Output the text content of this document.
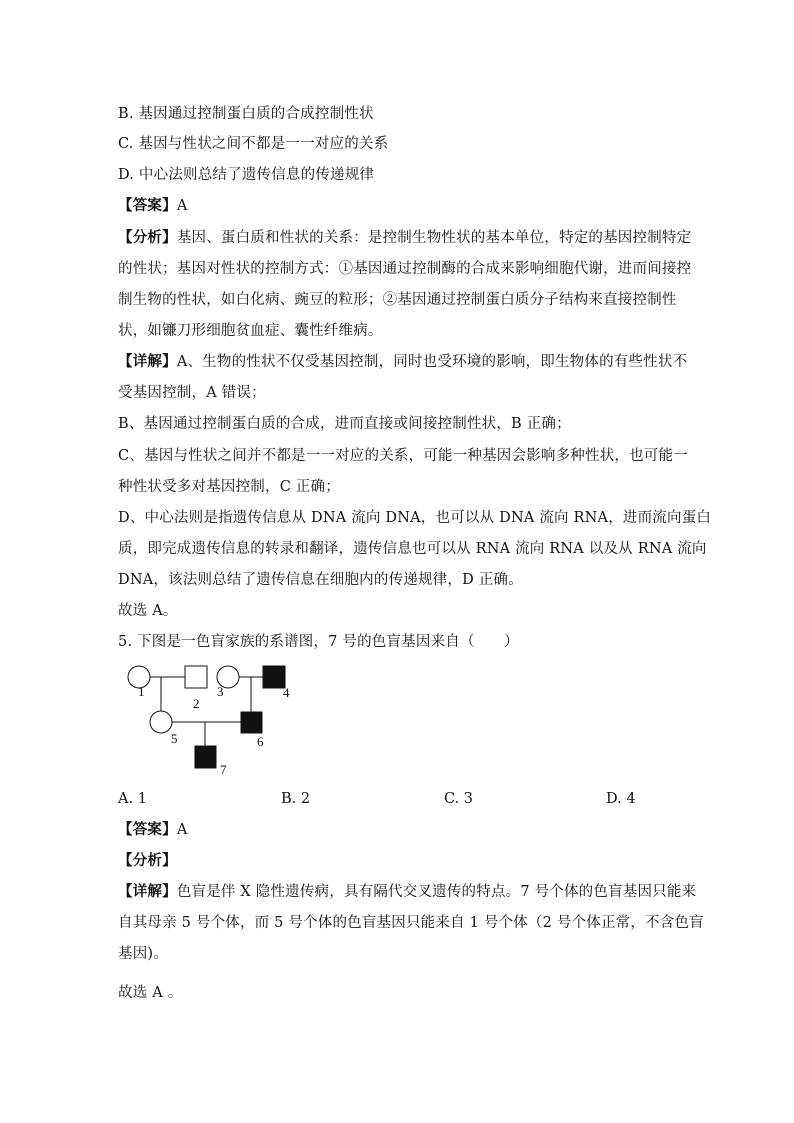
B. 基因通过控制蛋白质的合成控制性状
C. 基因与性状之间不都是一一对应的关系
D. 中心法则总结了遗传信息的传递规律
【答案】A
【分析】基因、蛋白质和性状的关系：是控制生物性状的基本单位，特定的基因控制特定
的性状；基因对性状的控制方式：①基因通过控制酶的合成来影响细胞代谢，进而间接控
制生物的性状，如白化病、豌豆的粒形；②基因通过控制蛋白质分子结构来直接控制性
状，如镰刀形细胞贫血症、囊性纤维病。
【详解】A、生物的性状不仅受基因控制，同时也受环境的影响，即生物体的有些性状不
受基因控制，A 错误；
B、基因通过控制蛋白质的合成，进而直接或间接控制性状，B 正确；
C、基因与性状之间并不都是一一对应的关系，可能一种基因会影响多种性状，也可能一
种性状受多对基因控制，C 正确；
D、中心法则是指遗传信息从 DNA 流向 DNA，也可以从 DNA 流向 RNA，进而流向蛋白
质，即完成遗传信息的转录和翻译，遗传信息也可以从 RNA 流向 RNA 以及从 RNA 流向
DNA，该法则总结了遗传信息在细胞内的传递规律，D 正确。
故选 A。
5. 下图是一色盲家族的系谱图，7 号的色盲基因来自（　　）
1
2
3	4
5	6
7
A. 1	B. 2	C. 3	D. 4
【答案】A
【分析】
【详解】色盲是伴 X 隐性遗传病，具有隔代交叉遗传的特点。7 号个体的色盲基因只能来
自其母亲 5 号个体，而 5 号个体的色盲基因只能来自 1 号个体（2 号个体正常，不含色盲
基因)。
故选 A 。
